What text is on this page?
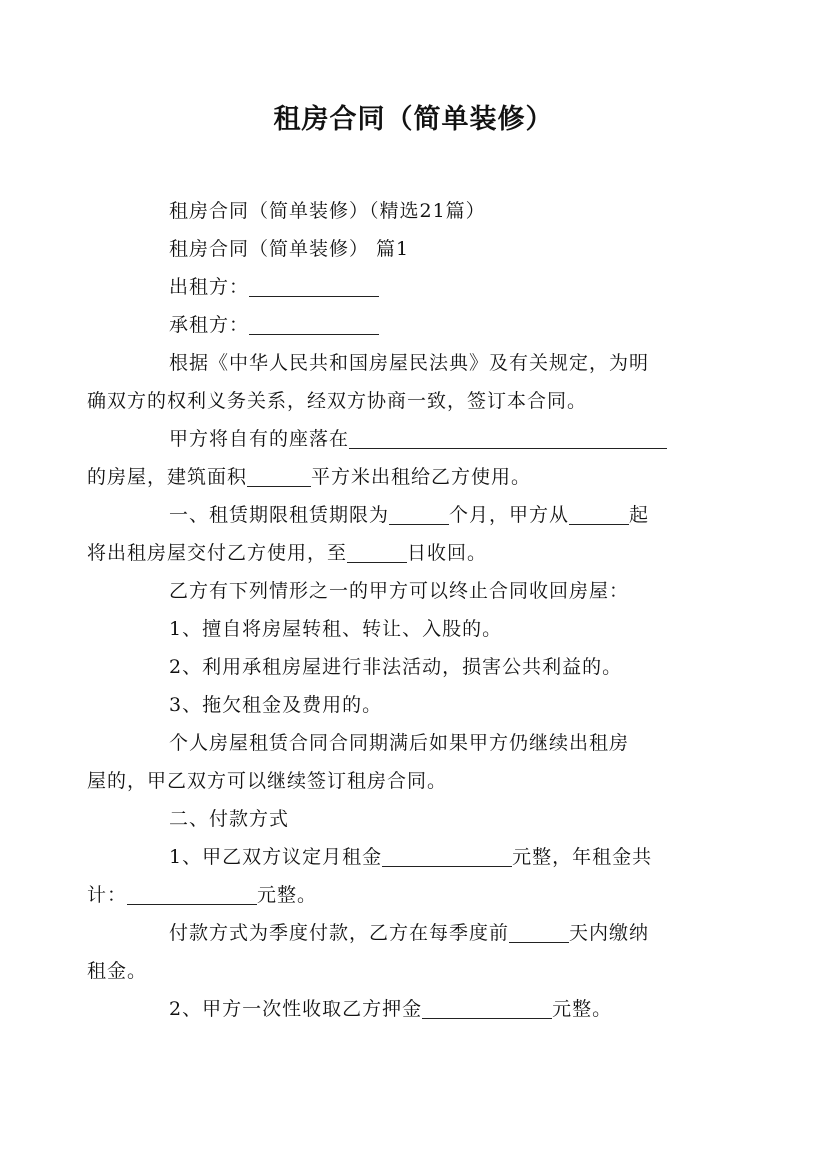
租房合同（简单装修）

租房合同（简单装修）（精选21篇）

租房合同（简单装修） 篇1

出租方：

承租方：

根据《中华人民共和国房屋民法典》及有关规定，为明
确双方的权利义务关系，经双方协商一致，签订本合同。

甲方将自有的座落在
的房屋，建筑面积	平方米出租给乙方使用。

一、租赁期限租赁期限为	个月，甲方从	起
将出租房屋交付乙方使用，至	日收回。

乙方有下列情形之一的甲方可以终止合同收回房屋：

1、擅自将房屋转租、转让、入股的。

2、利用承租房屋进行非法活动，损害公共利益的。

3、拖欠租金及费用的。

个人房屋租赁合同合同期满后如果甲方仍继续出租房
屋的，甲乙双方可以继续签订租房合同。

二、付款方式

1、甲乙双方议定月租金	元整，年租金共
计：	元整。

付款方式为季度付款，乙方在每季度前	天内缴纳
租金。

2、甲方一次性收取乙方押金	元整。
